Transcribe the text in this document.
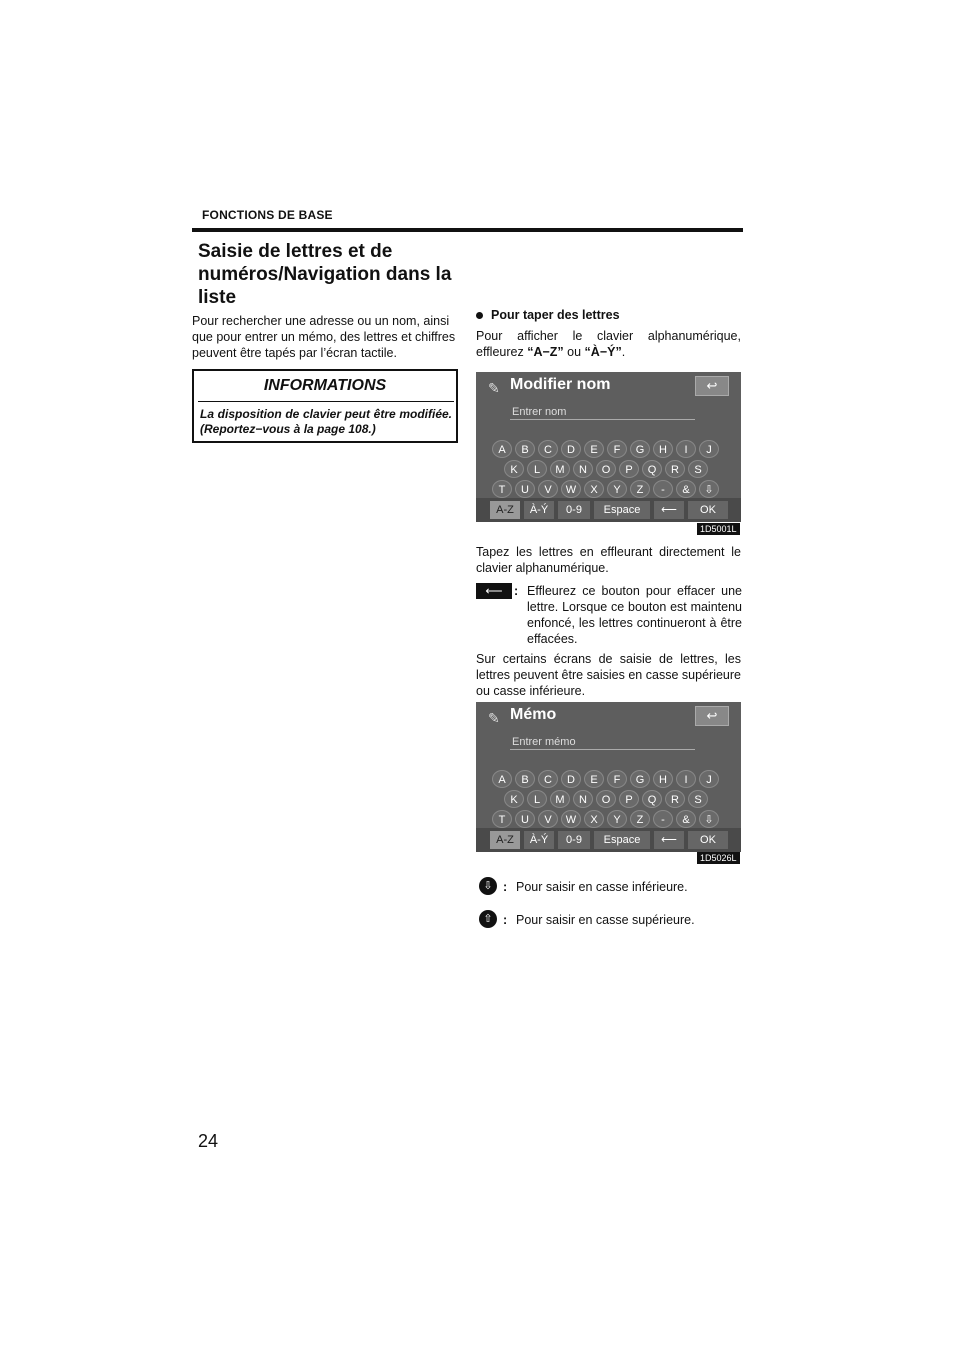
FONCTIONS DE BASE
Saisie de lettres et de numéros/Navigation dans la liste
Pour rechercher une adresse ou un nom, ainsi que pour entrer un mémo, des lettres et chiffres peuvent être tapés par l’écran tactile.
INFORMATIONS
La disposition de clavier peut être modifiée. (Reportez−vous à la page 108.)
Pour taper des lettres
Pour afficher le clavier alphanumérique, effleurez “A−Z” ou “À−Ý”.
✎ Modifier nom	↩
Entrer nom
A	B	C	D	E	F	G	H	I	J
K	L	M	N	O	P	Q	R	S
T	U	V	W	X	Y	Z	-	&	⇩
A-Z	À-Ý	0-9	Espace	⟵	OK
1D5001L
Tapez les lettres en effleurant directement le clavier alphanumérique.
⟵ : Effleurez ce bouton pour effacer une lettre. Lorsque ce bouton est maintenu enfoncé, les lettres continueront à être effacées.
Sur certains écrans de saisie de lettres, les lettres peuvent être saisies en casse supérieure ou casse inférieure.
✎ Mémo	↩
Entrer mémo
A	B	C	D	E	F	G	H	I	J
K	L	M	N	O	P	Q	R	S
T	U	V	W	X	Y	Z	-	&	⇩
A-Z	À-Ý	0-9	Espace	⟵	OK
1D5026L
⇩ : Pour saisir en casse inférieure.
⇧ : Pour saisir en casse supérieure.
24
